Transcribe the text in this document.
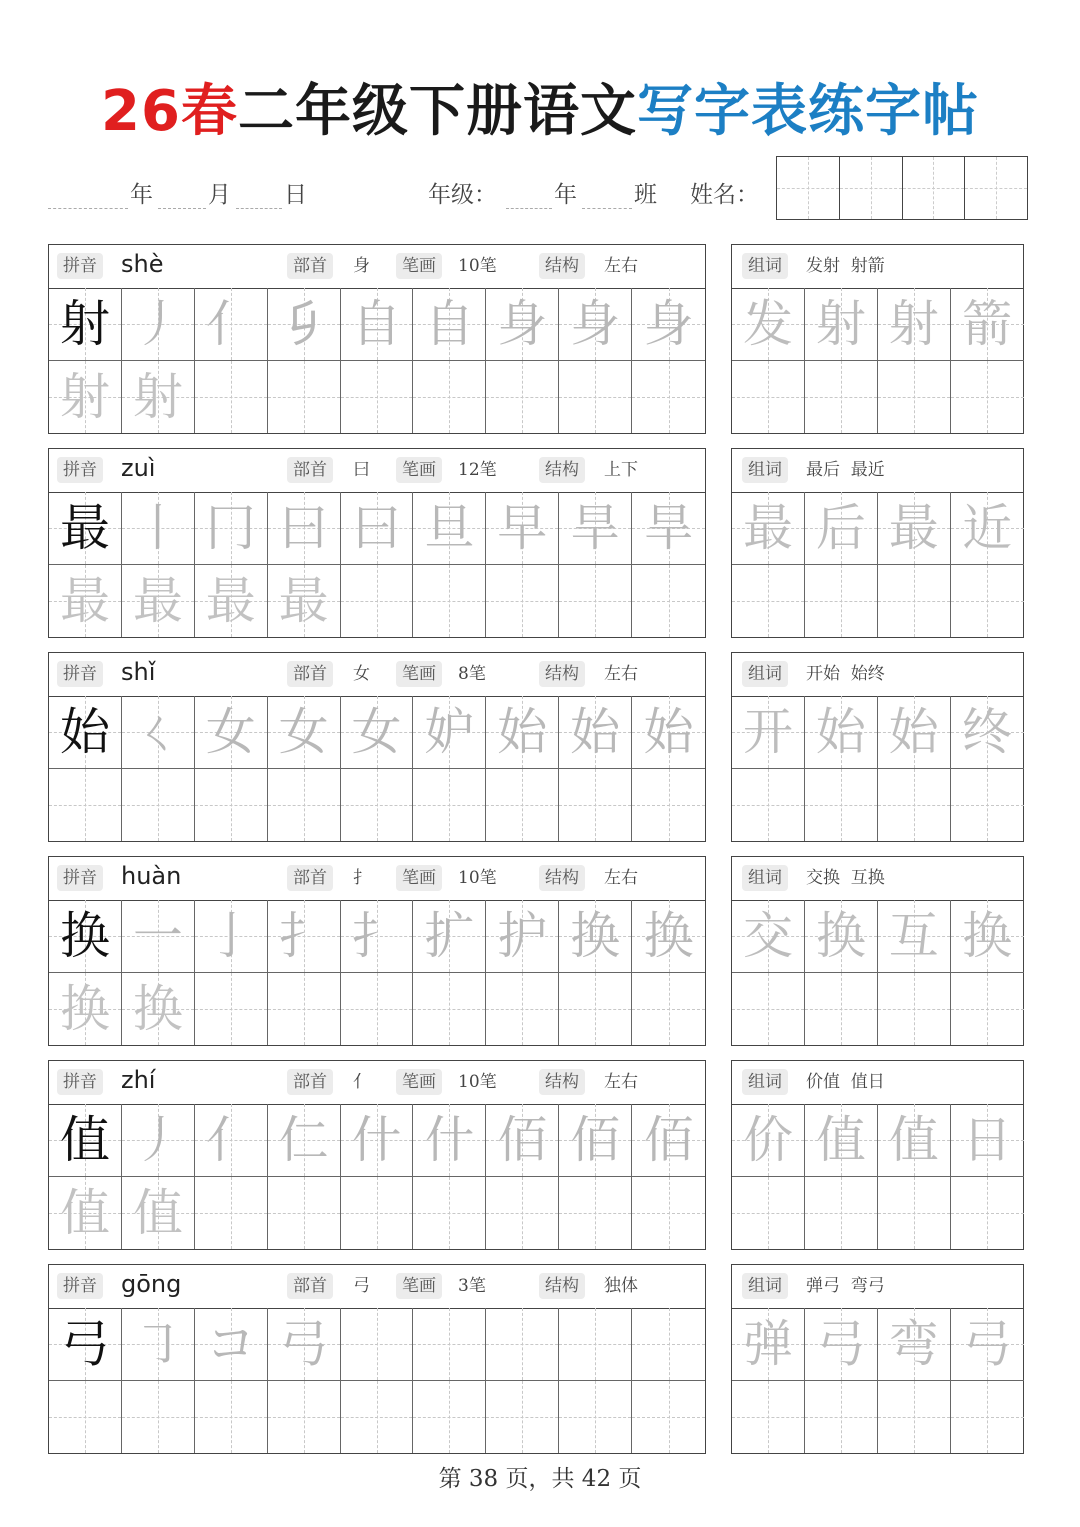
26春二年级下册语文写字表练字帖
年 月 日	年级： 年 班 姓名：
拼音 shè	部首	身	笔画	10笔	结构	左右
射 丿 亻 𠂎 自 自 身 身 身
射 射
组词	发射  射箭
发 射 射 箭
拼音 zuì	部首	曰	笔画	12笔	结构	上下
最 丨 冂 曰 曰 旦 早 旱 旱
最 最 最 最
组词	最后  最近
最 后 最 近
拼音 shǐ	部首	女	笔画	8笔	结构	左右
始 ㄑ 女 女 女 妒 始 始 始
组词	开始  始终
开 始 始 终
拼音 huàn	部首	扌	笔画	10笔	结构	左右
换 一 亅 扌 扌 扩 护 换 换
换 换
组词	交换  互换
交 换 互 换
拼音 zhí	部首	亻	笔画	10笔	结构	左右
值 丿 亻 仁 什 什 佰 佰 佰
值 值
组词	价值  值日
价 值 值 日
拼音 gōng	部首	弓	笔画	3笔	结构	独体
弓 ㇆ コ 弓
组词	弹弓  弯弓
弹 弓 弯 弓
第 38 页，共 42 页
